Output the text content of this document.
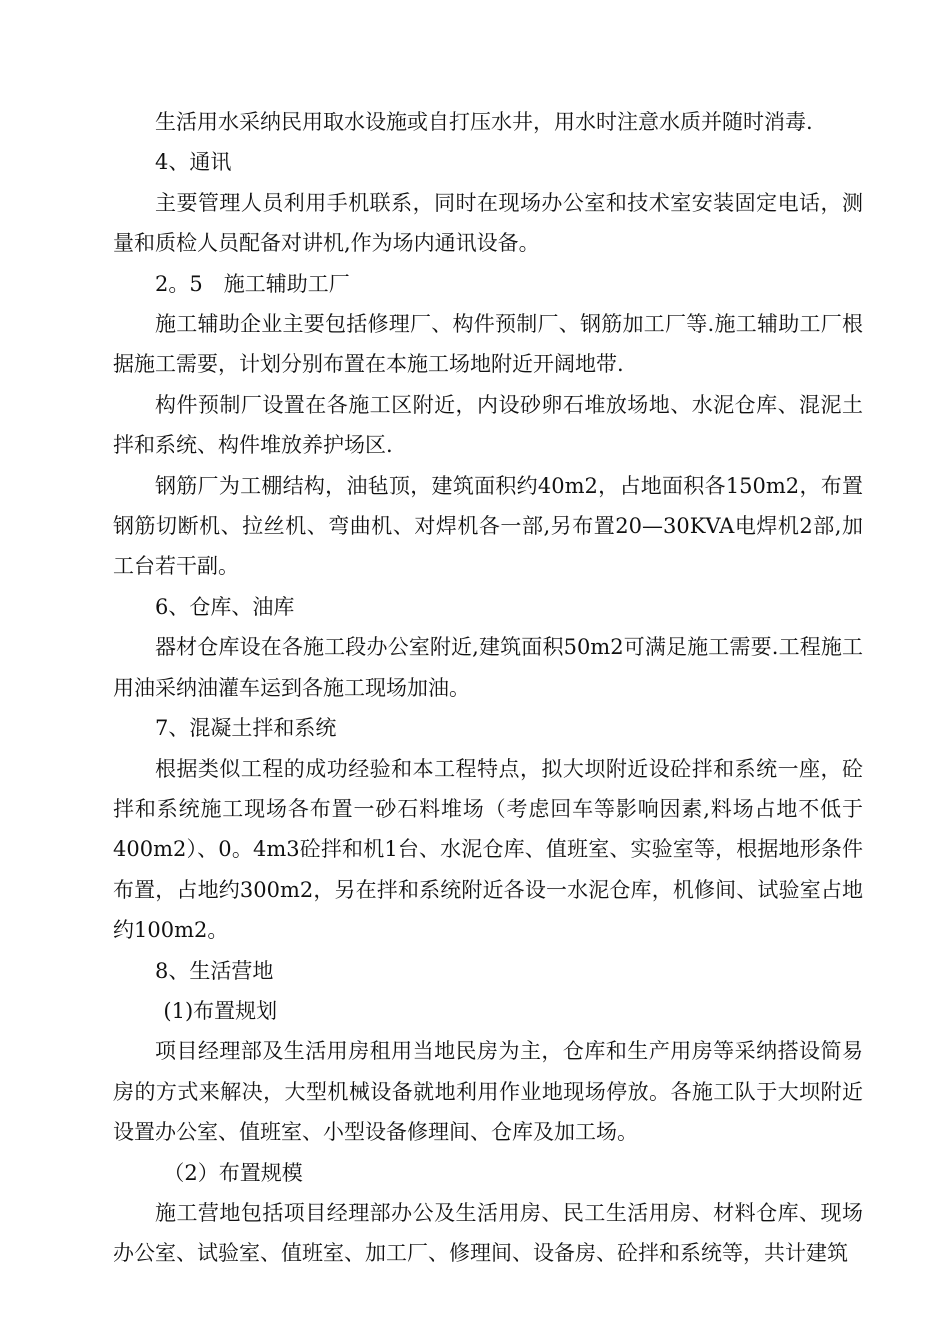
生活用水采纳民用取水设施或自打压水井，用水时注意水质并随时消毒.

4、通讯

主要管理人员利用手机联系，同时在现场办公室和技术室安装固定电话，测量和质检人员配备对讲机,作为场内通讯设备。

2。5　施工辅助工厂

施工辅助企业主要包括修理厂、构件预制厂、钢筋加工厂等.施工辅助工厂根据施工需要，计划分别布置在本施工场地附近开阔地带.

构件预制厂设置在各施工区附近，内设砂卵石堆放场地、水泥仓库、混泥土拌和系统、构件堆放养护场区.

钢筋厂为工棚结构，油毡顶，建筑面积约40m2，占地面积各150m2，布置钢筋切断机、拉丝机、弯曲机、对焊机各一部,另布置20—30KVA电焊机2部,加工台若干副。

6、仓库、油库

器材仓库设在各施工段办公室附近,建筑面积50m2可满足施工需要.工程施工用油采纳油灌车运到各施工现场加油。

7、混凝土拌和系统

根据类似工程的成功经验和本工程特点，拟大坝附近设砼拌和系统一座，砼拌和系统施工现场各布置一砂石料堆场（考虑回车等影响因素,料场占地不低于400m2）、0。4m3砼拌和机1台、水泥仓库、值班室、实验室等，根据地形条件布置，占地约300m2，另在拌和系统附近各设一水泥仓库，机修间、试验室占地约100m2。

8、生活营地

(1)布置规划

项目经理部及生活用房租用当地民房为主，仓库和生产用房等采纳搭设简易房的方式来解决，大型机械设备就地利用作业地现场停放。各施工队于大坝附近设置办公室、值班室、小型设备修理间、仓库及加工场。

（2）布置规模

施工营地包括项目经理部办公及生活用房、民工生活用房、材料仓库、现场办公室、试验室、值班室、加工厂、修理间、设备房、砼拌和系统等，共计建筑
